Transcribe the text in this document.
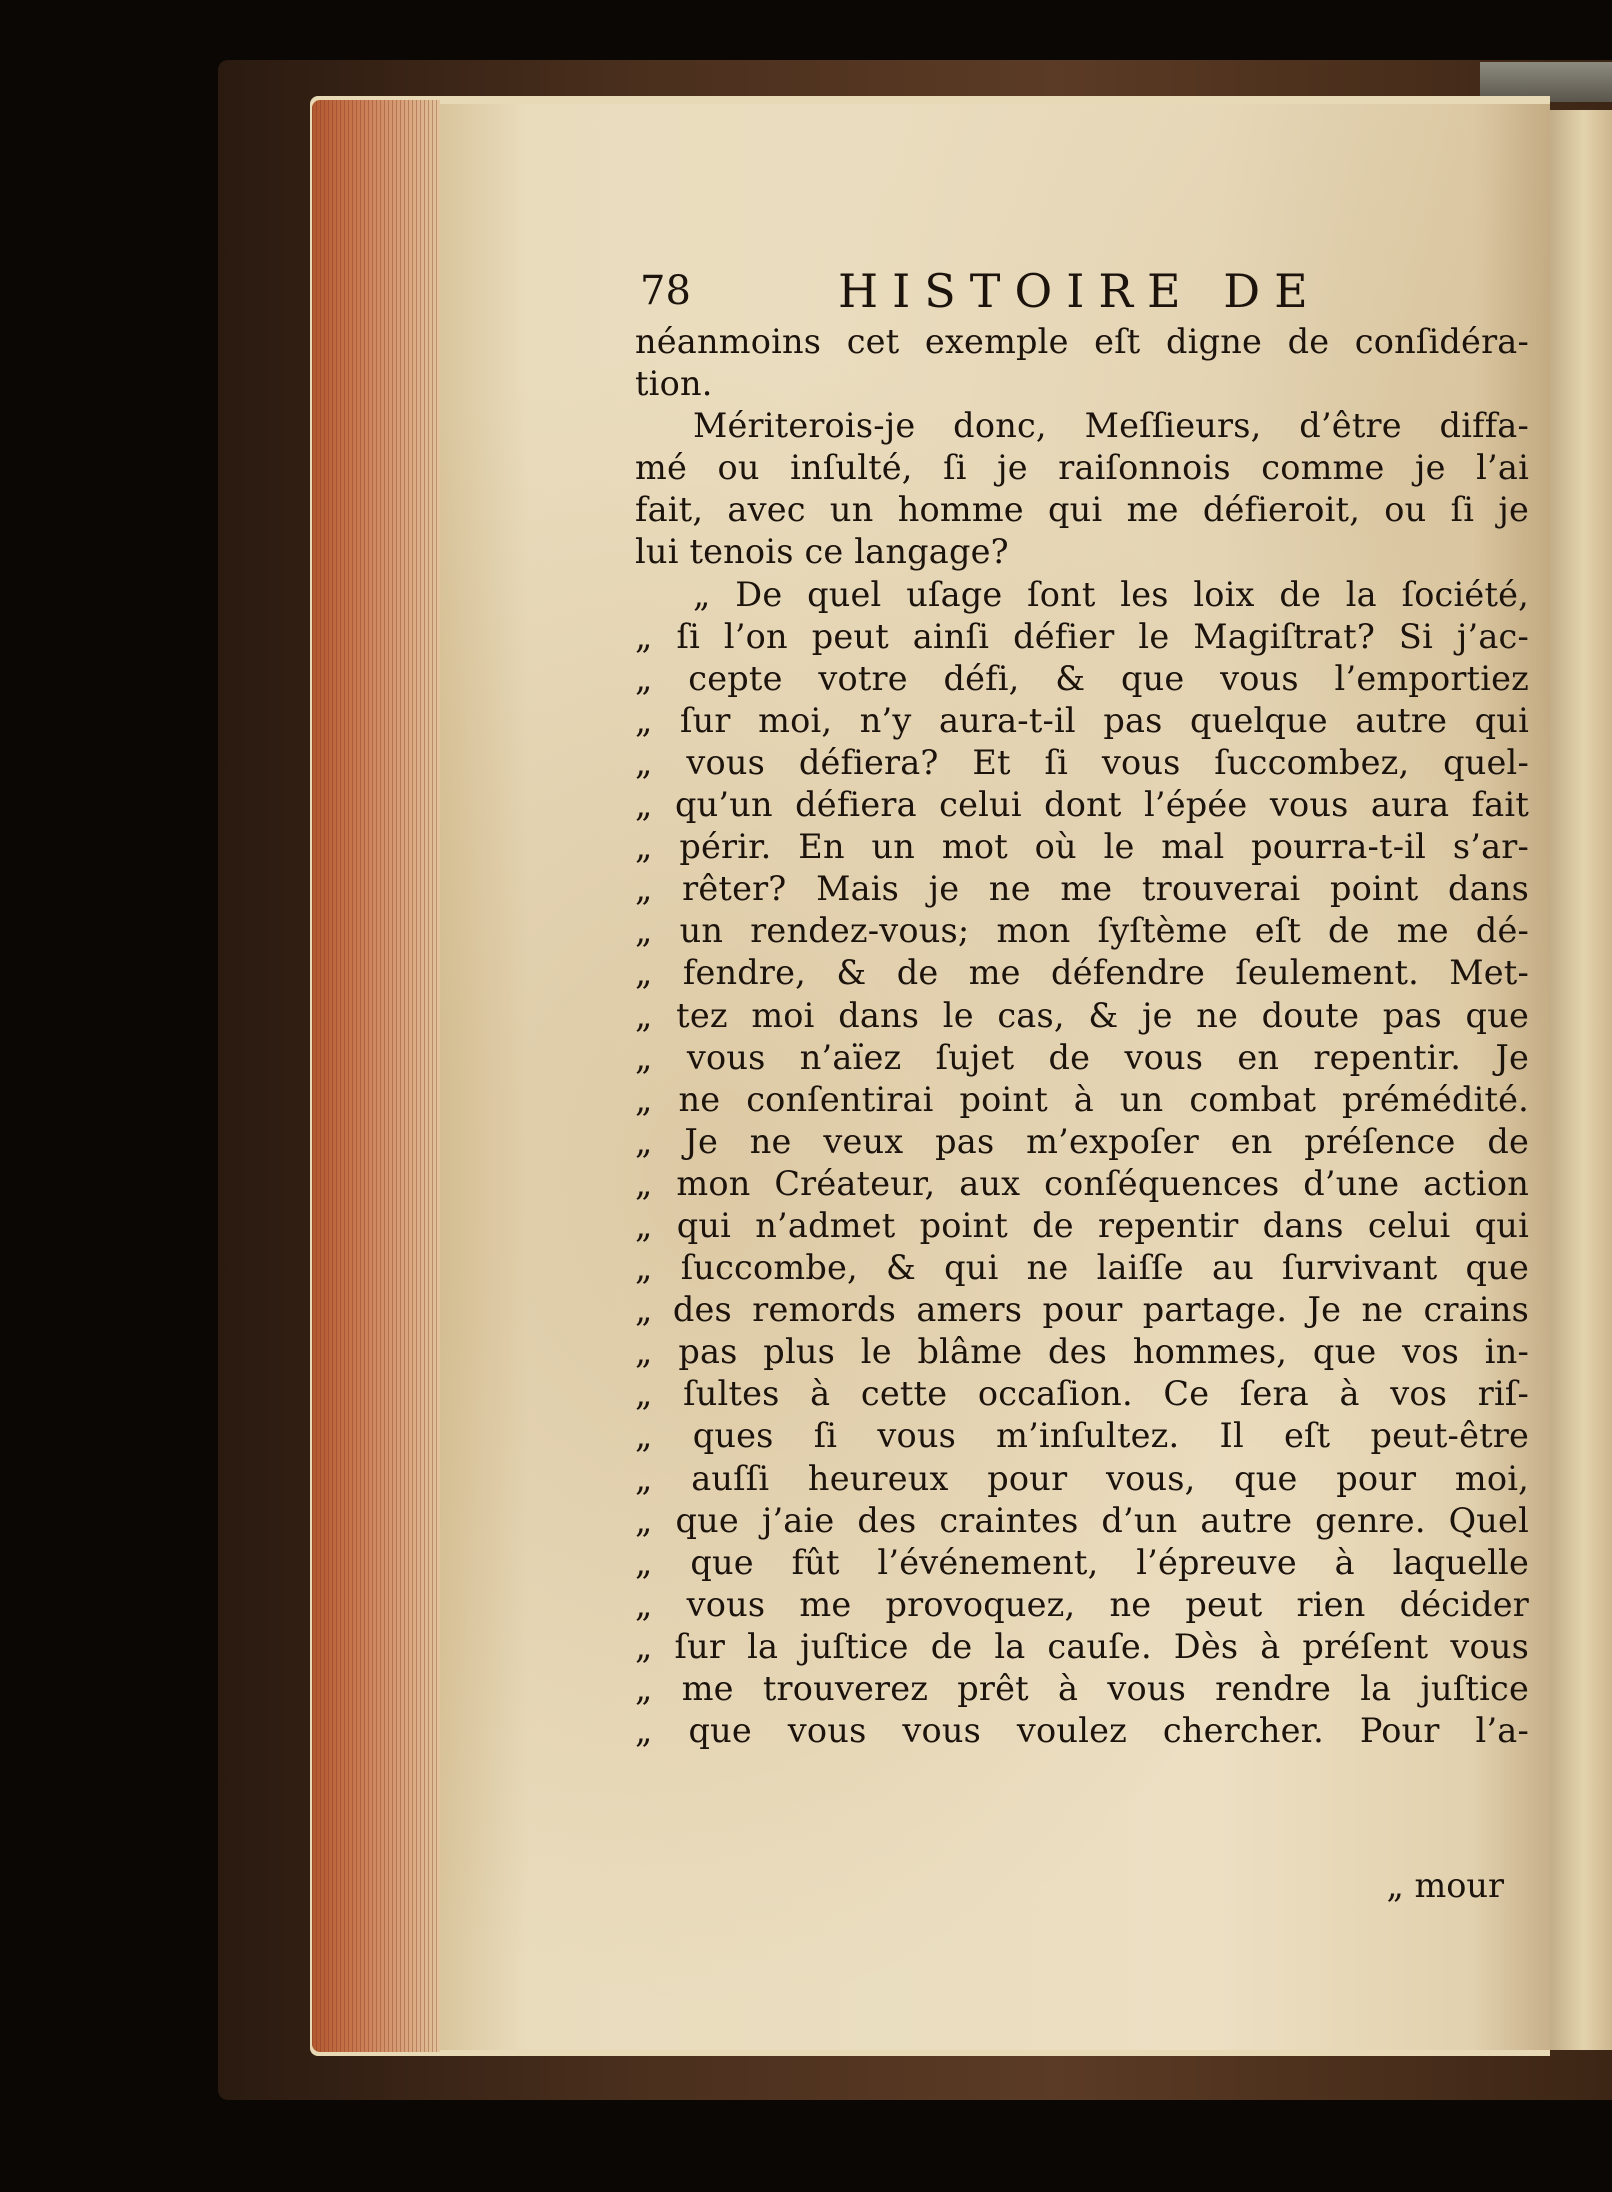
78	HISTOIRE DE
néanmoins cet exemple eſt digne de conſidéra-
tion.
Mériterois-je donc, Meſſieurs, d’être diffa-
mé ou inſulté, ſi je raiſonnois comme je l’ai
fait, avec un homme qui me défieroit, ou ſi je
lui tenois ce langage?
„ De quel uſage ſont les loix de la ſociété,
„ ſi l’on peut ainſi défier le Magiſtrat? Si j’ac-
„ cepte votre défi, & que vous l’emportiez
„ ſur moi, n’y aura-t-il pas quelque autre qui
„ vous défiera? Et ſi vous ſuccombez, quel-
„ qu’un défiera celui dont l’épée vous aura fait
„ périr. En un mot où le mal pourra-t-il s’ar-
„ rêter? Mais je ne me trouverai point dans
„ un rendez-vous; mon ſyſtème eſt de me dé-
„ fendre, & de me défendre ſeulement. Met-
„ tez moi dans le cas, & je ne doute pas que
„ vous n’aïez ſujet de vous en repentir. Je
„ ne conſentirai point à un combat prémédité.
„ Je ne veux pas m’expoſer en préſence de
„ mon Créateur, aux conſéquences d’une action
„ qui n’admet point de repentir dans celui qui
„ ſuccombe, & qui ne laiſſe au ſurvivant que
„ des remords amers pour partage. Je ne crains
„ pas plus le blâme des hommes, que vos in-
„ ſultes à cette occaſion. Ce ſera à vos riſ-
„ ques ſi vous m’inſultez. Il eſt peut-être
„ auſſi heureux pour vous, que pour moi,
„ que j’aie des craintes d’un autre genre. Quel
„ que fût l’événement, l’épreuve à laquelle
„ vous me provoquez, ne peut rien décider
„ ſur la juſtice de la cauſe. Dès à préſent vous
„ me trouverez prêt à vous rendre la juſtice
„ que vous vous voulez chercher. Pour l’a-
„ mour
